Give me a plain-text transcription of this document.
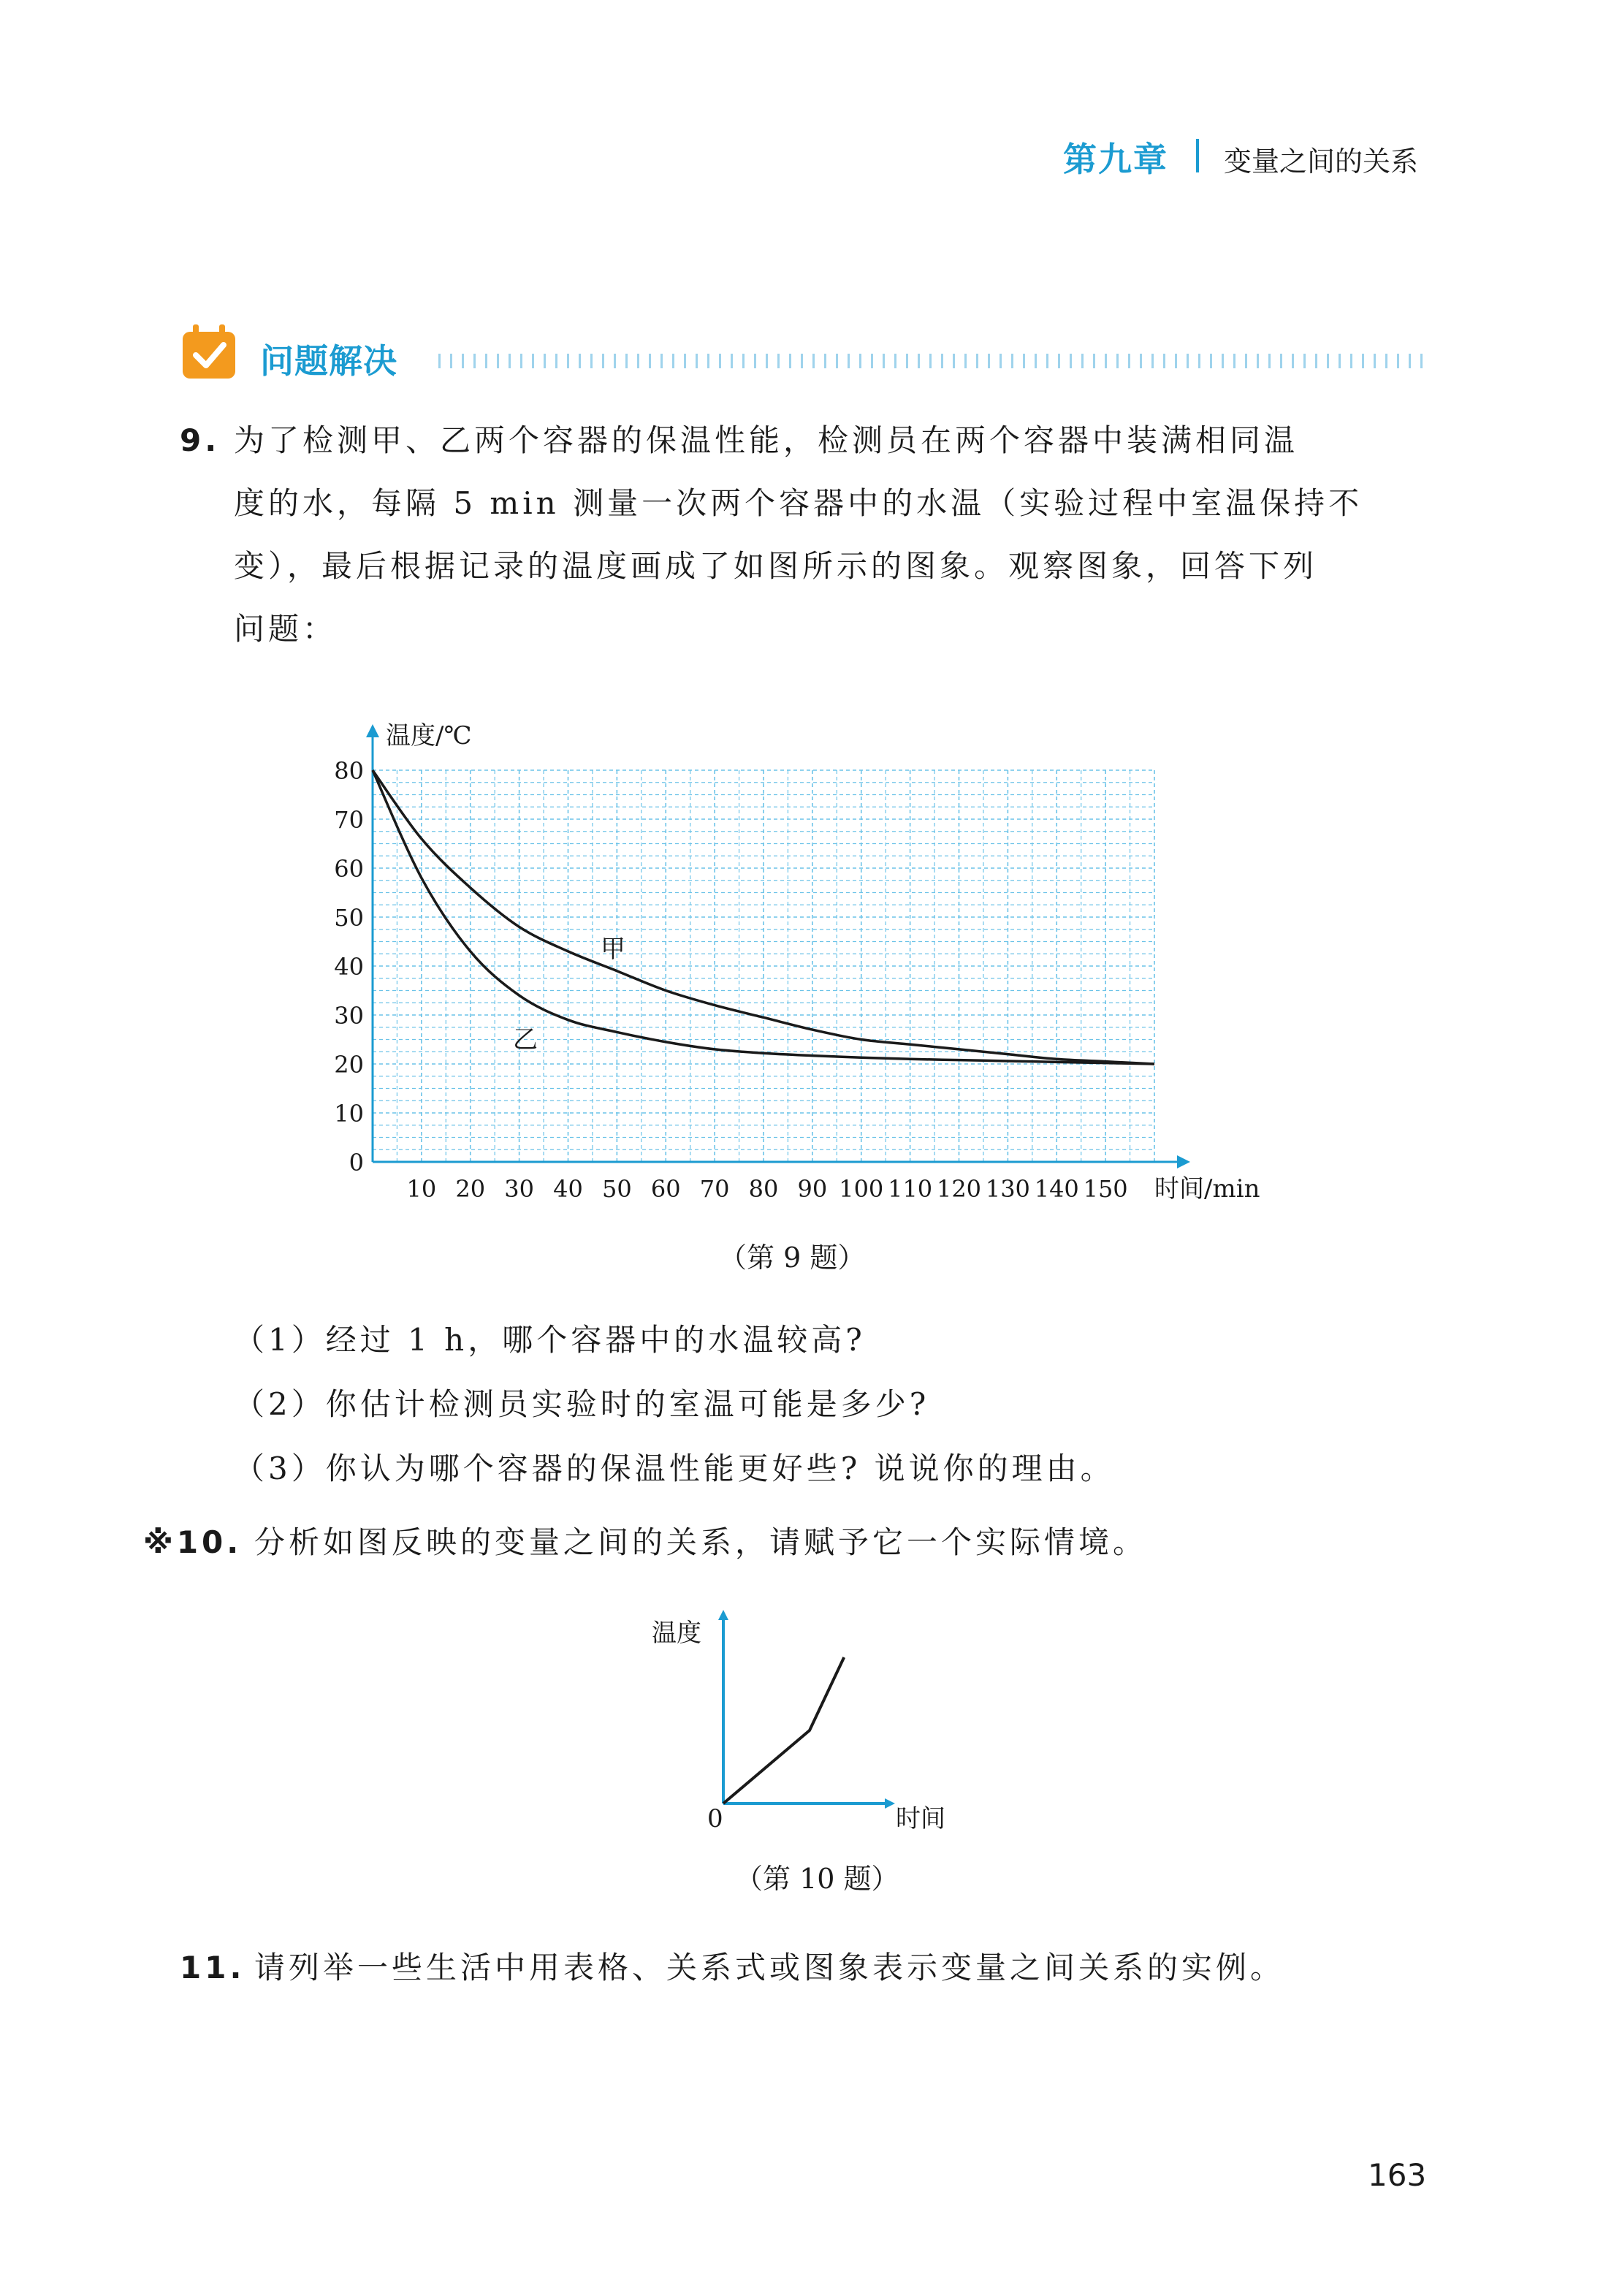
第九章 变量之间的关系
问题解决
9. 为了检测甲、乙两个容器的保温性能，检测员在两个容器中装满相同温
度的水，每隔 5 min 测量一次两个容器中的水温（实验过程中室温保持不
变），最后根据记录的温度画成了如图所示的图象。观察图象，回答下列
问题：
0
10
20
30
40
50
60
70
80
10 20 30 40 50 60 70 80 90 100 110 120 130 140 150
温度/℃
时间/min
甲
乙
（第 9 题）
（1）经过 1 h，哪个容器中的水温较高?
（2）你估计检测员实验时的室温可能是多少?
（3）你认为哪个容器的保温性能更好些? 说说你的理由。
※10. 分析如图反映的变量之间的关系，请赋予它一个实际情境。
温度
时间
0
（第 10 题）
11. 请列举一些生活中用表格、关系式或图象表示变量之间关系的实例。
163
